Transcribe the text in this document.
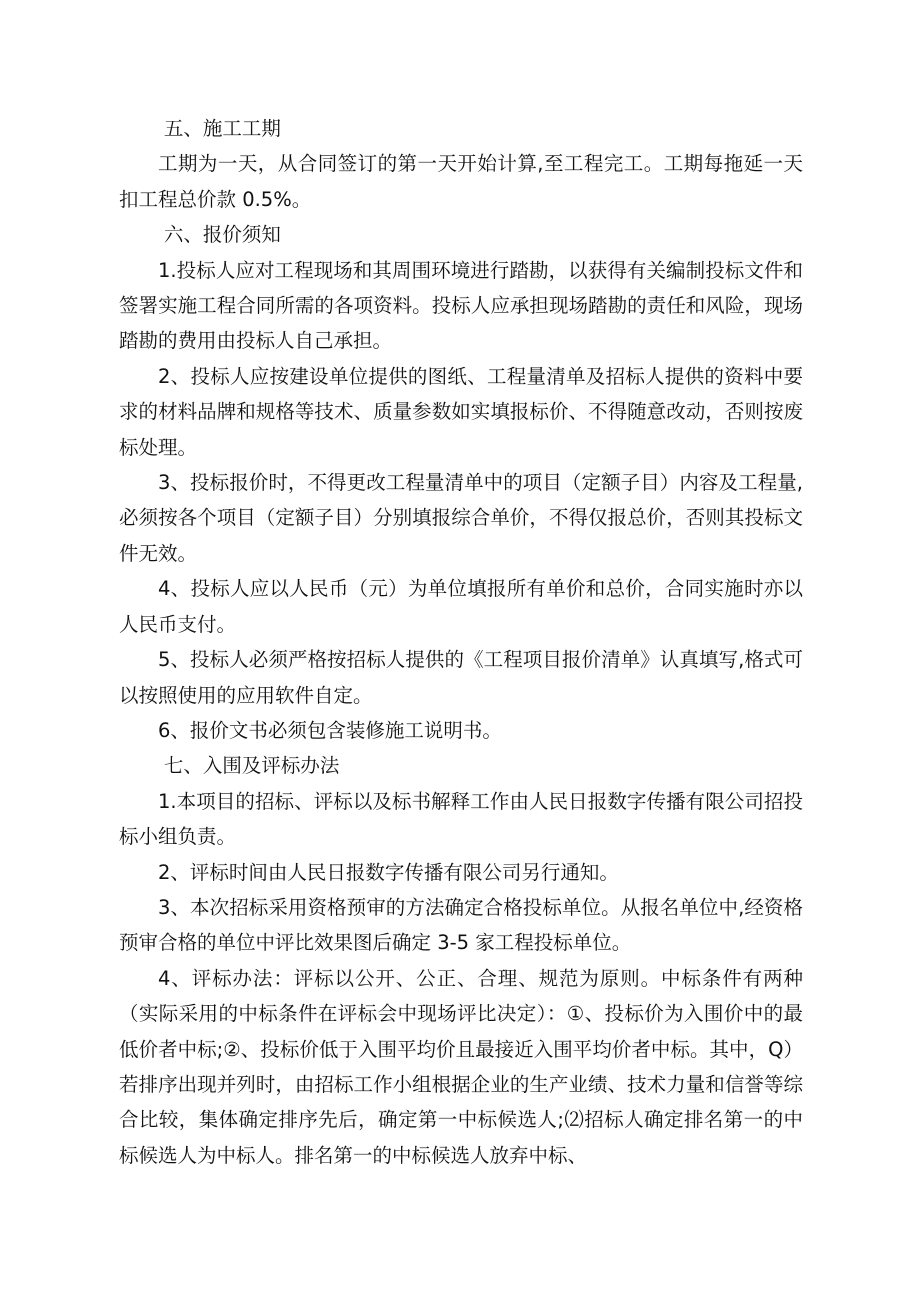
五、施工工期

工期为一天，从合同签订的第一天开始计算,至工程完工。工期每拖延一天扣工程总价款 0.5%。

六、报价须知

1.投标人应对工程现场和其周围环境进行踏勘，以获得有关编制投标文件和签署实施工程合同所需的各项资料。投标人应承担现场踏勘的责任和风险，现场踏勘的费用由投标人自己承担。

2、投标人应按建设单位提供的图纸、工程量清单及招标人提供的资料中要求的材料品牌和规格等技术、质量参数如实填报标价、不得随意改动，否则按废标处理。

3、投标报价时，不得更改工程量清单中的项目（定额子目）内容及工程量,必须按各个项目（定额子目）分别填报综合单价，不得仅报总价，否则其投标文件无效。

4、投标人应以人民币（元）为单位填报所有单价和总价，合同实施时亦以人民币支付。

5、投标人必须严格按招标人提供的《工程项目报价清单》认真填写,格式可以按照使用的应用软件自定。

6、报价文书必须包含装修施工说明书。

七、入围及评标办法

1.本项目的招标、评标以及标书解释工作由人民日报数字传播有限公司招投标小组负责。

2、评标时间由人民日报数字传播有限公司另行通知。

3、本次招标采用资格预审的方法确定合格投标单位。从报名单位中,经资格预审合格的单位中评比效果图后确定 3-5 家工程投标单位。

4、评标办法：评标以公开、公正、合理、规范为原则。中标条件有两种（实际采用的中标条件在评标会中现场评比决定）：①、投标价为入围价中的最低价者中标;②、投标价低于入围平均价且最接近入围平均价者中标。其中，Q）若排序出现并列时，由招标工作小组根据企业的生产业绩、技术力量和信誉等综合比较，集体确定排序先后，确定第一中标候选人;⑵招标人确定排名第一的中标候选人为中标人。排名第一的中标候选人放弃中标、
